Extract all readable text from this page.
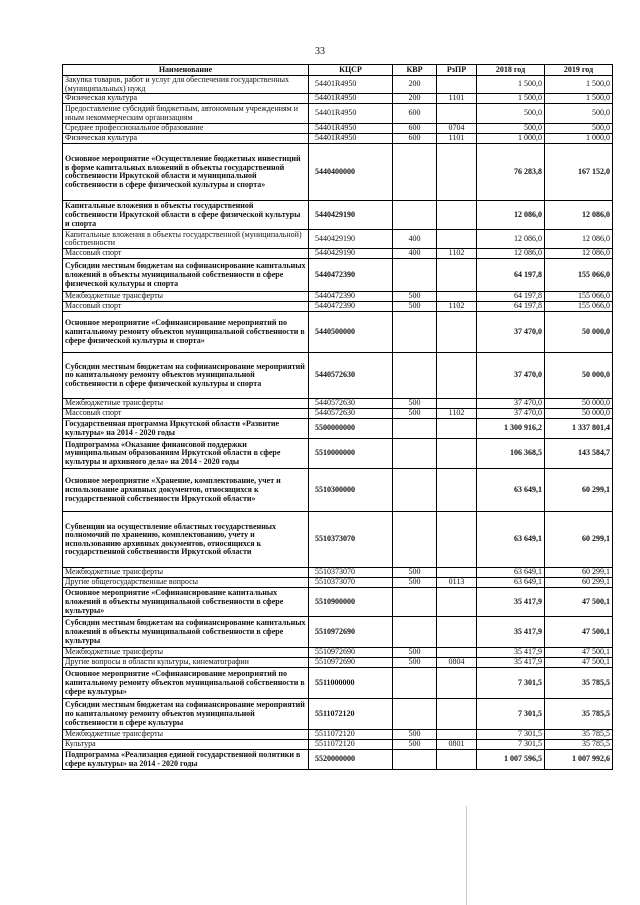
33
Наименование	КЦСР	КВР	РзПР	2018 год	2019 год
Закупка товаров, работ и услуг для обеспечения государственных (муниципальных) нужд	54401R4950	200		1 500,0	1 500,0
Физическая культура	54401R4950	200	1101	1 500,0	1 500,0
Предоставление субсидий бюджетным, автономным учреждениям и иным некоммерческим организациям	54401R4950	600		500,0	500,0
Среднее профессиональное образование	54401R4950	600	0704	500,0	500,0
Физическая культура	54401R4950	600	1101	1 000,0	1 000,0
Основное мероприятие «Осуществление бюджетных инвестиций в форме капитальных вложений в объекты государственной собственности Иркутской области и муниципальной собственности в сфере физической культуры и спорта»	5440400000			76 283,8	167 152,0
Капитальные вложения в объекты государственной собственности Иркутской области в сфере физической культуры и спорта	5440429190			12 086,0	12 086,0
Капитальные вложения в объекты государственной (муниципальной) собственности	5440429190	400		12 086,0	12 086,0
Массовый спорт	5440429190	400	1102	12 086,0	12 086,0
Субсидии местным бюджетам на софинансирование капитальных вложений в объекты муниципальной собственности в сфере физической культуры и спорта	5440472390			64 197,8	155 066,0
Межбюджетные трансферты	5440472390	500		64 197,8	155 066,0
Массовый спорт	5440472390	500	1102	64 197,8	155 066,0
Основное мероприятие «Софинансирование мероприятий по капитальному ремонту объектов муниципальной собственности в сфере физической культуры и спорта»	5440500000			37 470,0	50 000,0
Субсидии местным бюджетам на софинансирование мероприятий по капитальному ремонту объектов муниципальной собственности в сфере физической культуры и спорта	5440572630			37 470,0	50 000,0
Межбюджетные трансферты	5440572630	500		37 470,0	50 000,0
Массовый спорт	5440572630	500	1102	37 470,0	50 000,0
Государственная программа Иркутской области «Развитие культуры» на 2014 - 2020 годы	5500000000			1 300 916,2	1 337 801,4
Подпрограмма «Оказание финансовой поддержки муниципальным образованиям Иркутской области в сфере культуры и архивного дела» на 2014 - 2020 годы	5510000000			106 368,5	143 584,7
Основное мероприятие «Хранение, комплектование, учет и использование архивных документов, относящихся к государственной собственности Иркутской области»	5510300000			63 649,1	60 299,1
Субвенции на осуществление областных государственных полномочий по хранению, комплектованию, учету и использованию архивных документов, относящихся к государственной собственности Иркутской области	5510373070			63 649,1	60 299,1
Межбюджетные трансферты	5510373070	500		63 649,1	60 299,1
Другие общегосударственные вопросы	5510373070	500	0113	63 649,1	60 299,1
Основное мероприятие «Софинансирование капитальных вложений в объекты муниципальной собственности в сфере культуры»	5510900000			35 417,9	47 500,1
Субсидии местным бюджетам на софинансирование капитальных вложений в объекты муниципальной собственности в сфере культуры	5510972690			35 417,9	47 500,1
Межбюджетные трансферты	5510972690	500		35 417,9	47 500,1
Другие вопросы в области культуры, кинематографии	5510972690	500	0804	35 417,9	47 500,1
Основное мероприятие «Софинансирование мероприятий по капитальному ремонту объектов муниципальной собственности в сфере культуры»	5511000000			7 301,5	35 785,5
Субсидии местным бюджетам на софинансирование мероприятий по капитальному ремонту объектов муниципальной собственности в сфере культуры	5511072120			7 301,5	35 785,5
Межбюджетные трансферты	5511072120	500		7 301,5	35 785,5
Культура	5511072120	500	0801	7 301,5	35 785,5
Подпрограмма «Реализация единой государственной политики в сфере культуры» на 2014 - 2020 годы	5520000000			1 007 596,5	1 007 992,6
